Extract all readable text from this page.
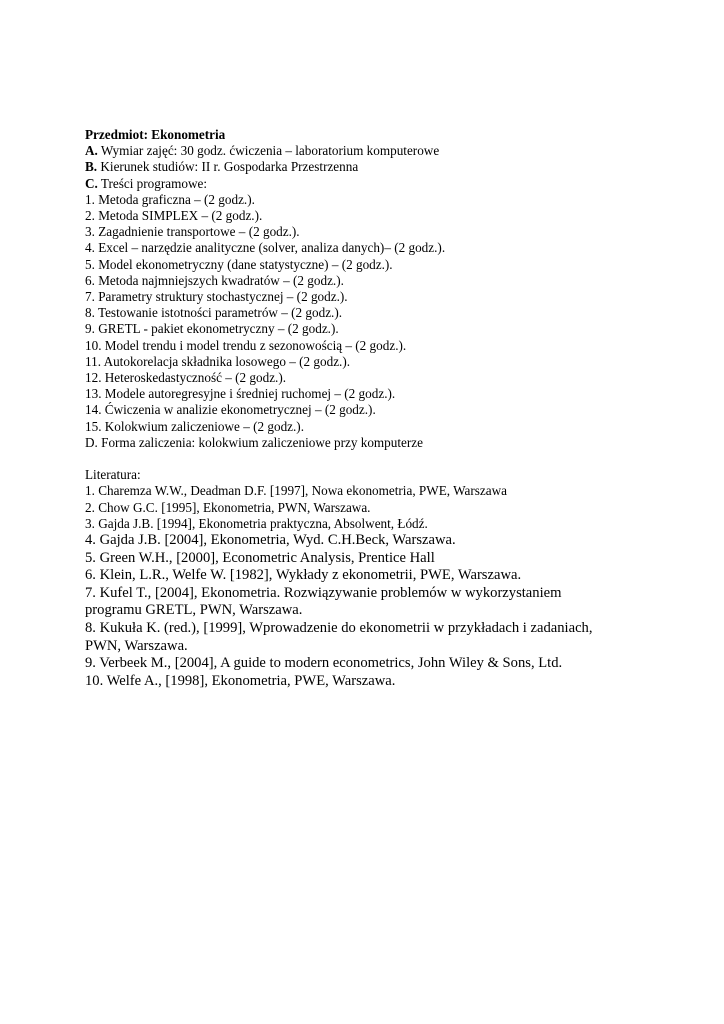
Przedmiot: Ekonometria
A. Wymiar zajęć: 30 godz. ćwiczenia – laboratorium komputerowe
B. Kierunek studiów: II r. Gospodarka Przestrzenna
C. Treści programowe:
1. Metoda graficzna – (2 godz.).
2. Metoda SIMPLEX – (2 godz.).
3. Zagadnienie transportowe – (2 godz.).
4. Excel – narzędzie analityczne (solver, analiza danych)– (2 godz.).
5. Model ekonometryczny (dane statystyczne) – (2 godz.).
6. Metoda najmniejszych kwadratów – (2 godz.).
7. Parametry struktury stochastycznej – (2 godz.).
8. Testowanie istotności parametrów – (2 godz.).
9. GRETL - pakiet ekonometryczny – (2 godz.).
10. Model trendu i model trendu z sezonowością – (2 godz.).
11. Autokorelacja składnika losowego – (2 godz.).
12. Heteroskedastyczność – (2 godz.).
13. Modele autoregresyjne i średniej ruchomej – (2 godz.).
14. Ćwiczenia w analizie ekonometrycznej – (2 godz.).
15. Kolokwium zaliczeniowe – (2 godz.).
D. Forma zaliczenia: kolokwium zaliczeniowe przy komputerze
Literatura:
1. Charemza W.W., Deadman D.F. [1997], Nowa ekonometria, PWE, Warszawa
2. Chow G.C. [1995], Ekonometria, PWN, Warszawa.
3. Gajda J.B. [1994], Ekonometria praktyczna, Absolwent, Łódź.
4. Gajda J.B. [2004], Ekonometria, Wyd. C.H.Beck, Warszawa.
5. Green W.H., [2000], Econometric Analysis, Prentice Hall
6. Klein, L.R., Welfe W. [1982], Wykłady z ekonometrii, PWE, Warszawa.
7. Kufel T., [2004], Ekonometria. Rozwiązywanie problemów w wykorzystaniem programu GRETL, PWN, Warszawa.
8. Kukuła K. (red.), [1999], Wprowadzenie do ekonometrii w przykładach i zadaniach, PWN, Warszawa.
9. Verbeek M., [2004], A guide to modern econometrics, John Wiley & Sons, Ltd.
10. Welfe A., [1998], Ekonometria, PWE, Warszawa.
